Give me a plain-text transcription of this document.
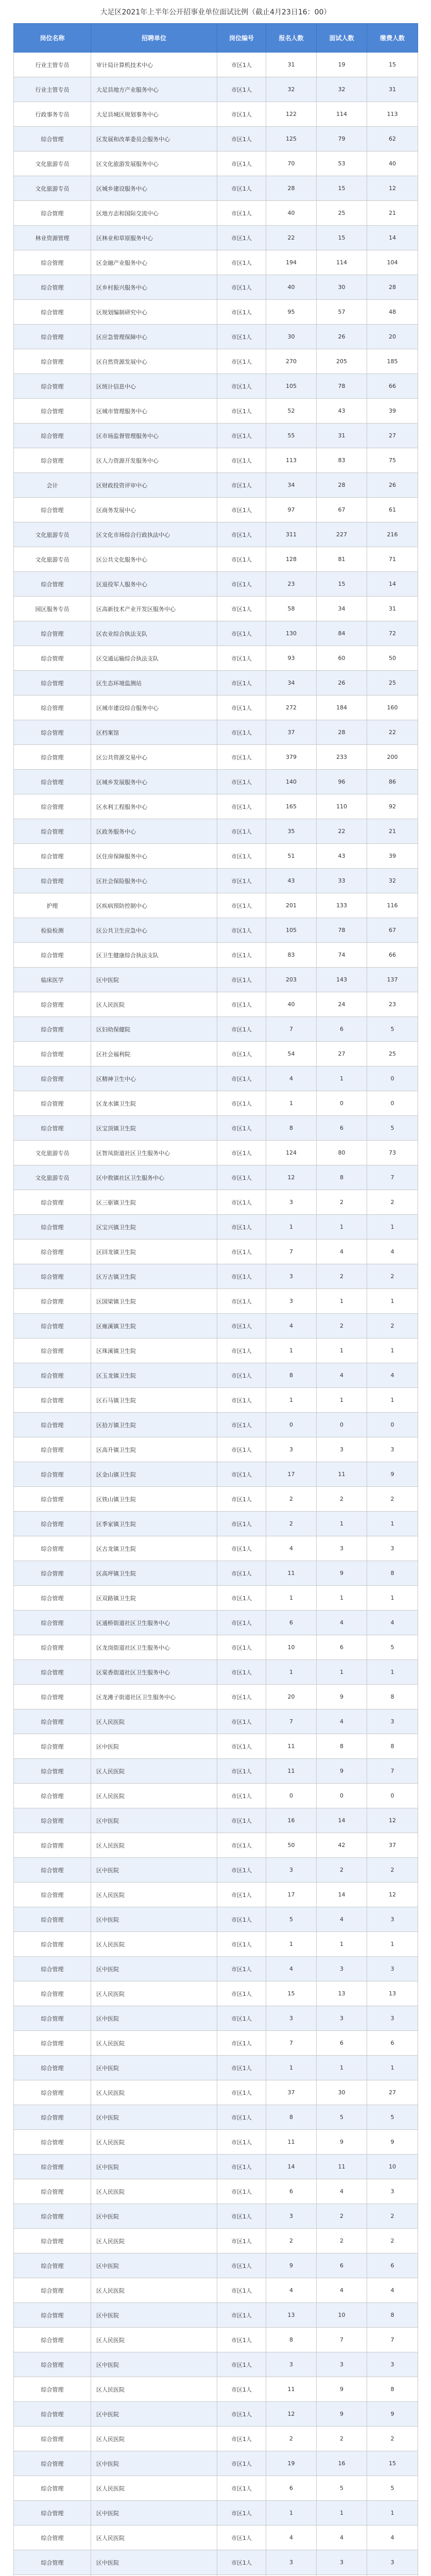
大足区2021年上半年公开招事业单位面试比例（截止4月23日16：00）
岗位名称	招聘单位	岗位编号	报名人数	面试人数	缴费人数
行业主管专员	审计局计算机技术中心	市区1人	31	19	15
行业主管专员	大足县地方产业服务中心	市区1人	32	32	31
行政事务专员	大足县城区规划事务中心	市区1人	122	114	113
综合管理	区发展和改革委员会服务中心	市区1人	125	79	62
文化旅游专员	区文化旅游发展服务中心	市区1人	70	53	40
文化旅游专员	区城乡建设服务中心	市区1人	28	15	12
综合管理	区地方志和国际交流中心	市区1人	40	25	21
林业资源管理	区林业和草原服务中心	市区1人	22	15	14
综合管理	区金融产业服务中心	市区1人	194	114	104
综合管理	区乡村振兴服务中心	市区1人	40	30	28
综合管理	区规划编制研究中心	市区1人	95	57	48
综合管理	区应急管理保障中心	市区1人	30	26	20
综合管理	区自然资源发展中心	市区1人	270	205	185
综合管理	区统计信息中心	市区1人	105	78	66
综合管理	区城市管理服务中心	市区1人	52	43	39
综合管理	区市场监督管理服务中心	市区1人	55	31	27
综合管理	区人力资源开发服务中心	市区1人	113	83	75
会计	区财政投资评审中心	市区1人	34	28	26
综合管理	区商务发展中心	市区1人	97	67	61
文化旅游专员	区文化市场综合行政执法中心	市区1人	311	227	216
文化旅游专员	区公共文化服务中心	市区1人	128	81	71
综合管理	区退役军人服务中心	市区1人	23	15	14
园区服务专员	区高新技术产业开发区服务中心	市区1人	58	34	31
综合管理	区农业综合执法支队	市区1人	130	84	72
综合管理	区交通运输综合执法支队	市区1人	93	60	50
综合管理	区生态环境监测站	市区1人	34	26	25
综合管理	区城市建设综合服务中心	市区1人	272	184	160
综合管理	区档案馆	市区1人	37	28	22
综合管理	区公共资源交易中心	市区1人	379	233	200
综合管理	区城乡发展服务中心	市区1人	140	96	86
综合管理	区水利工程服务中心	市区1人	165	110	92
综合管理	区政务服务中心	市区1人	35	22	21
综合管理	区住房保障服务中心	市区1人	51	43	39
综合管理	区社会保险服务中心	市区1人	43	33	32
护理	区疾病预防控制中心	市区1人	201	133	116
检验检测	区公共卫生应急中心	市区1人	105	78	67
综合管理	区卫生健康综合执法支队	市区1人	83	74	66
临床医学	区中医院	市区1人	203	143	137
综合管理	区人民医院	市区1人	40	24	23
综合管理	区妇幼保健院	市区1人	7	6	5
综合管理	区社会福利院	市区1人	54	27	25
综合管理	区精神卫生中心	市区1人	4	1	0
综合管理	区龙水镇卫生院	市区1人	1	0	0
综合管理	区宝顶镇卫生院	市区1人	8	6	5
文化旅游专员	区智凤街道社区卫生服务中心	市区1人	124	80	73
文化旅游专员	区中敖镇社区卫生服务中心	市区1人	12	8	7
综合管理	区三驱镇卫生院	市区1人	3	2	2
综合管理	区宝兴镇卫生院	市区1人	1	1	1
综合管理	区回龙镇卫生院	市区1人	7	4	4
综合管理	区万古镇卫生院	市区1人	3	2	2
综合管理	区国梁镇卫生院	市区1人	3	1	1
综合管理	区雍溪镇卫生院	市区1人	4	2	2
综合管理	区珠溪镇卫生院	市区1人	1	1	1
综合管理	区玉龙镇卫生院	市区1人	8	4	4
综合管理	区石马镇卫生院	市区1人	1	1	1
综合管理	区拾万镇卫生院	市区1人	0	0	0
综合管理	区高升镇卫生院	市区1人	3	3	3
综合管理	区金山镇卫生院	市区1人	17	11	9
综合管理	区铁山镇卫生院	市区1人	2	2	2
综合管理	区季家镇卫生院	市区1人	2	1	1
综合管理	区古龙镇卫生院	市区1人	4	3	3
综合管理	区高坪镇卫生院	市区1人	11	9	8
综合管理	区双路镇卫生院	市区1人	1	1	1
综合管理	区通桥街道社区卫生服务中心	市区1人	6	4	4
综合管理	区龙岗街道社区卫生服务中心	市区1人	10	6	5
综合管理	区棠香街道社区卫生服务中心	市区1人	1	1	1
综合管理	区龙滩子街道社区卫生服务中心	市区1人	20	9	8
综合管理	区人民医院	市区1人	7	4	3
综合管理	区中医院	市区1人	11	8	8
综合管理	区人民医院	市区1人	11	9	7
综合管理	区人民医院	市区1人	0	0	0
综合管理	区中医院	市区1人	16	14	12
综合管理	区人民医院	市区1人	50	42	37
综合管理	区中医院	市区1人	3	2	2
综合管理	区人民医院	市区1人	17	14	12
综合管理	区中医院	市区1人	5	4	3
综合管理	区人民医院	市区1人	1	1	1
综合管理	区中医院	市区1人	4	3	3
综合管理	区人民医院	市区1人	15	13	13
综合管理	区中医院	市区1人	3	3	3
综合管理	区人民医院	市区1人	7	6	6
综合管理	区中医院	市区1人	1	1	1
综合管理	区人民医院	市区1人	37	30	27
综合管理	区中医院	市区1人	8	5	5
综合管理	区人民医院	市区1人	11	9	9
综合管理	区中医院	市区1人	14	11	10
综合管理	区人民医院	市区1人	6	4	3
综合管理	区中医院	市区1人	3	2	2
综合管理	区人民医院	市区1人	2	2	2
综合管理	区中医院	市区1人	9	6	6
综合管理	区人民医院	市区1人	4	4	4
综合管理	区中医院	市区1人	13	10	8
综合管理	区人民医院	市区1人	8	7	7
综合管理	区中医院	市区1人	3	3	3
综合管理	区人民医院	市区1人	11	9	8
综合管理	区中医院	市区1人	12	9	9
综合管理	区人民医院	市区1人	2	2	2
综合管理	区中医院	市区1人	19	16	15
综合管理	区人民医院	市区1人	6	5	5
综合管理	区中医院	市区1人	1	1	1
综合管理	区人民医院	市区1人	4	4	4
综合管理	区中医院	市区1人	3	3	3
